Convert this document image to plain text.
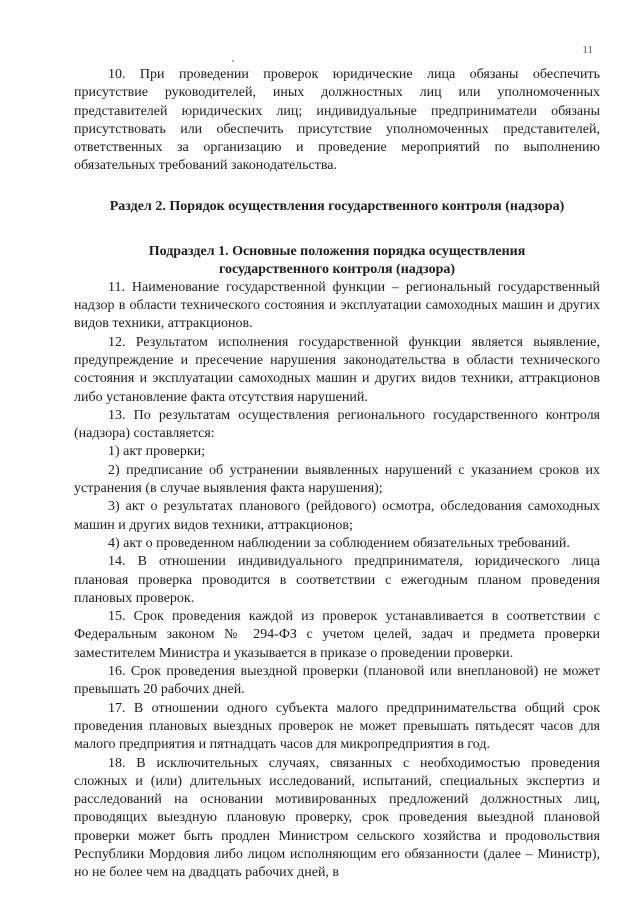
11

10. При проведении проверок юридические лица обязаны обеспечить присутствие руководителей, иных должностных лиц или уполномоченных представителей юридических лиц; индивидуальные предприниматели обязаны присутствовать или обеспечить присутствие уполномоченных представителей, ответственных за организацию и проведение мероприятий по выполнению обязательных требований законодательства.

Раздел 2. Порядок осуществления государственного контроля (надзора)
Подраздел 1. Основные положения порядка осуществления
государственного контроля (надзора)

11. Наименование государственной функции – региональный государственный надзор в области технического состояния и эксплуатации самоходных машин и других видов техники, аттракционов.

12. Результатом исполнения государственной функции является выявление, предупреждение и пресечение нарушения законодательства в области технического состояния и эксплуатации самоходных машин и других видов техники, аттракционов либо установление факта отсутствия нарушений.

13. По результатам осуществления регионального государственного контроля (надзора) составляется:

1) акт проверки;

2) предписание об устранении выявленных нарушений с указанием сроков их устранения (в случае выявления факта нарушения);

3) акт о результатах планового (рейдового) осмотра, обследования самоходных машин и других видов техники, аттракционов;

4) акт о проведенном наблюдении за соблюдением обязательных требований.

14. В отношении индивидуального предпринимателя, юридического лица плановая проверка проводится в соответствии с ежегодным планом проведения плановых проверок.

15. Срок проведения каждой из проверок устанавливается в соответствии с Федеральным законом № 294-ФЗ с учетом целей, задач и предмета проверки заместителем Министра и указывается в приказе о проведении проверки.

16. Срок проведения выездной проверки (плановой или внеплановой) не может превышать 20 рабочих дней.

17. В отношении одного субъекта малого предпринимательства общий срок проведения плановых выездных проверок не может превышать пятьдесят часов для малого предприятия и пятнадцать часов для микропредприятия в год.

18. В исключительных случаях, связанных с необходимостью проведения сложных и (или) длительных исследований, испытаний, специальных экспертиз и расследований на основании мотивированных предложений должностных лиц, проводящих выездную плановую проверку, срок проведения выездной плановой проверки может быть продлен Министром сельского хозяйства и продовольствия Республики Мордовия либо лицом исполняющим его обязанности (далее – Министр), но не более чем на двадцать рабочих дней, в
